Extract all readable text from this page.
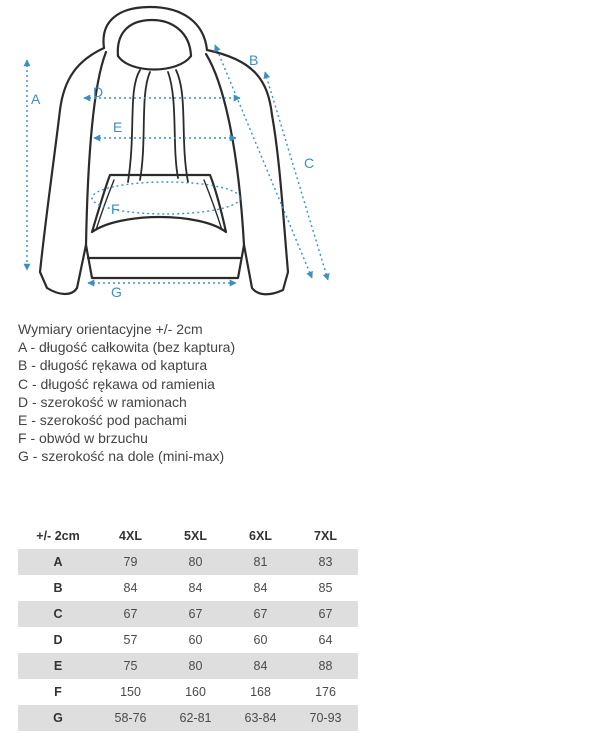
A
B
C
D
E
F
G
Wymiary orientacyjne +/- 2cm
A - długość całkowita (bez kaptura)
B - długość rękawa od kaptura
C - długość rękawa od ramienia
D - szerokość w ramionach
E - szerokość pod pachami
F - obwód w brzuchu
G - szerokość na dole (mini-max)
+/- 2cm	4XL	5XL	6XL	7XL
A	79	80	81	83
B	84	84	84	85
C	67	67	67	67
D	57	60	60	64
E	75	80	84	88
F	150	160	168	176
G	58-76	62-81	63-84	70-93
